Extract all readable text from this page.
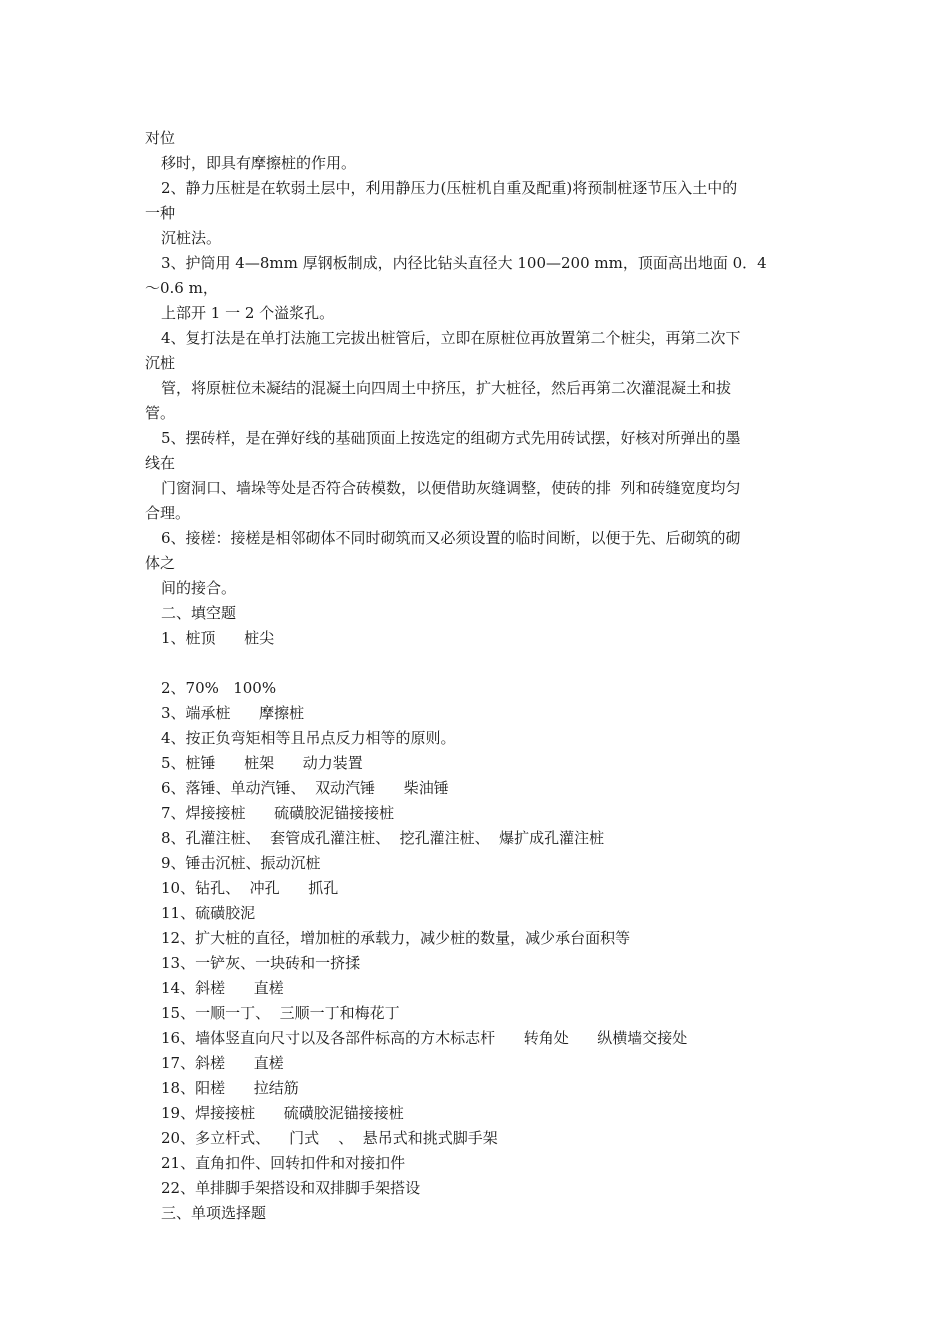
对位
移时，即具有摩擦桩的作用。
2、静力压桩是在软弱土层中，利用静压力(压桩机自重及配重)将预制桩逐节压入土中的
一种
沉桩法。
3、护筒用 4—8mm 厚钢板制成，内径比钻头直径大 100—200 mm，顶面高出地面 0．4
～0.6 m，
上部开 1 一 2 个溢浆孔。
4、复打法是在单打法施工完拔出桩管后，立即在原桩位再放置第二个桩尖，再第二次下
沉桩
管，将原桩位未凝结的混凝土向四周土中挤压，扩大桩径，然后再第二次灌混凝土和拔
管。
5、摆砖样，是在弹好线的基础顶面上按选定的组砌方式先用砖试摆，好核对所弹出的墨
线在
门窗洞口、墙垛等处是否符合砖模数，以便借助灰缝调整，使砖的排  列和砖缝宽度均匀
合理。
6、接槎：接槎是相邻砌体不同时砌筑而又必须设置的临时间断，以便于先、后砌筑的砌
体之
间的接合。
二、填空题
1、桩顶      桩尖
2、70%   100%
3、端承桩      摩擦桩
4、按正负弯矩相等且吊点反力相等的原则。
5、桩锤      桩架      动力装置
6、落锤、单动汽锤、  双动汽锤      柴油锤
7、焊接接桩      硫磺胶泥锚接接桩
8、孔灌注桩、  套管成孔灌注桩、  挖孔灌注桩、  爆扩成孔灌注桩
9、锤击沉桩、振动沉桩
10、钻孔、  冲孔      抓孔
11、硫磺胶泥
12、扩大桩的直径，增加桩的承载力，减少桩的数量，减少承台面积等
13、一铲灰、一块砖和一挤揉
14、斜槎      直槎
15、一顺一丁、  三顺一丁和梅花丁
16、墙体竖直向尺寸以及各部件标高的方木标志杆      转角处      纵横墙交接处
17、斜槎      直槎
18、阳槎      拉结筋
19、焊接接桩      硫磺胶泥锚接接桩
20、多立杆式、    门式    、  悬吊式和挑式脚手架
21、直角扣件、回转扣件和对接扣件
22、单排脚手架搭设和双排脚手架搭设
三、单项选择题
